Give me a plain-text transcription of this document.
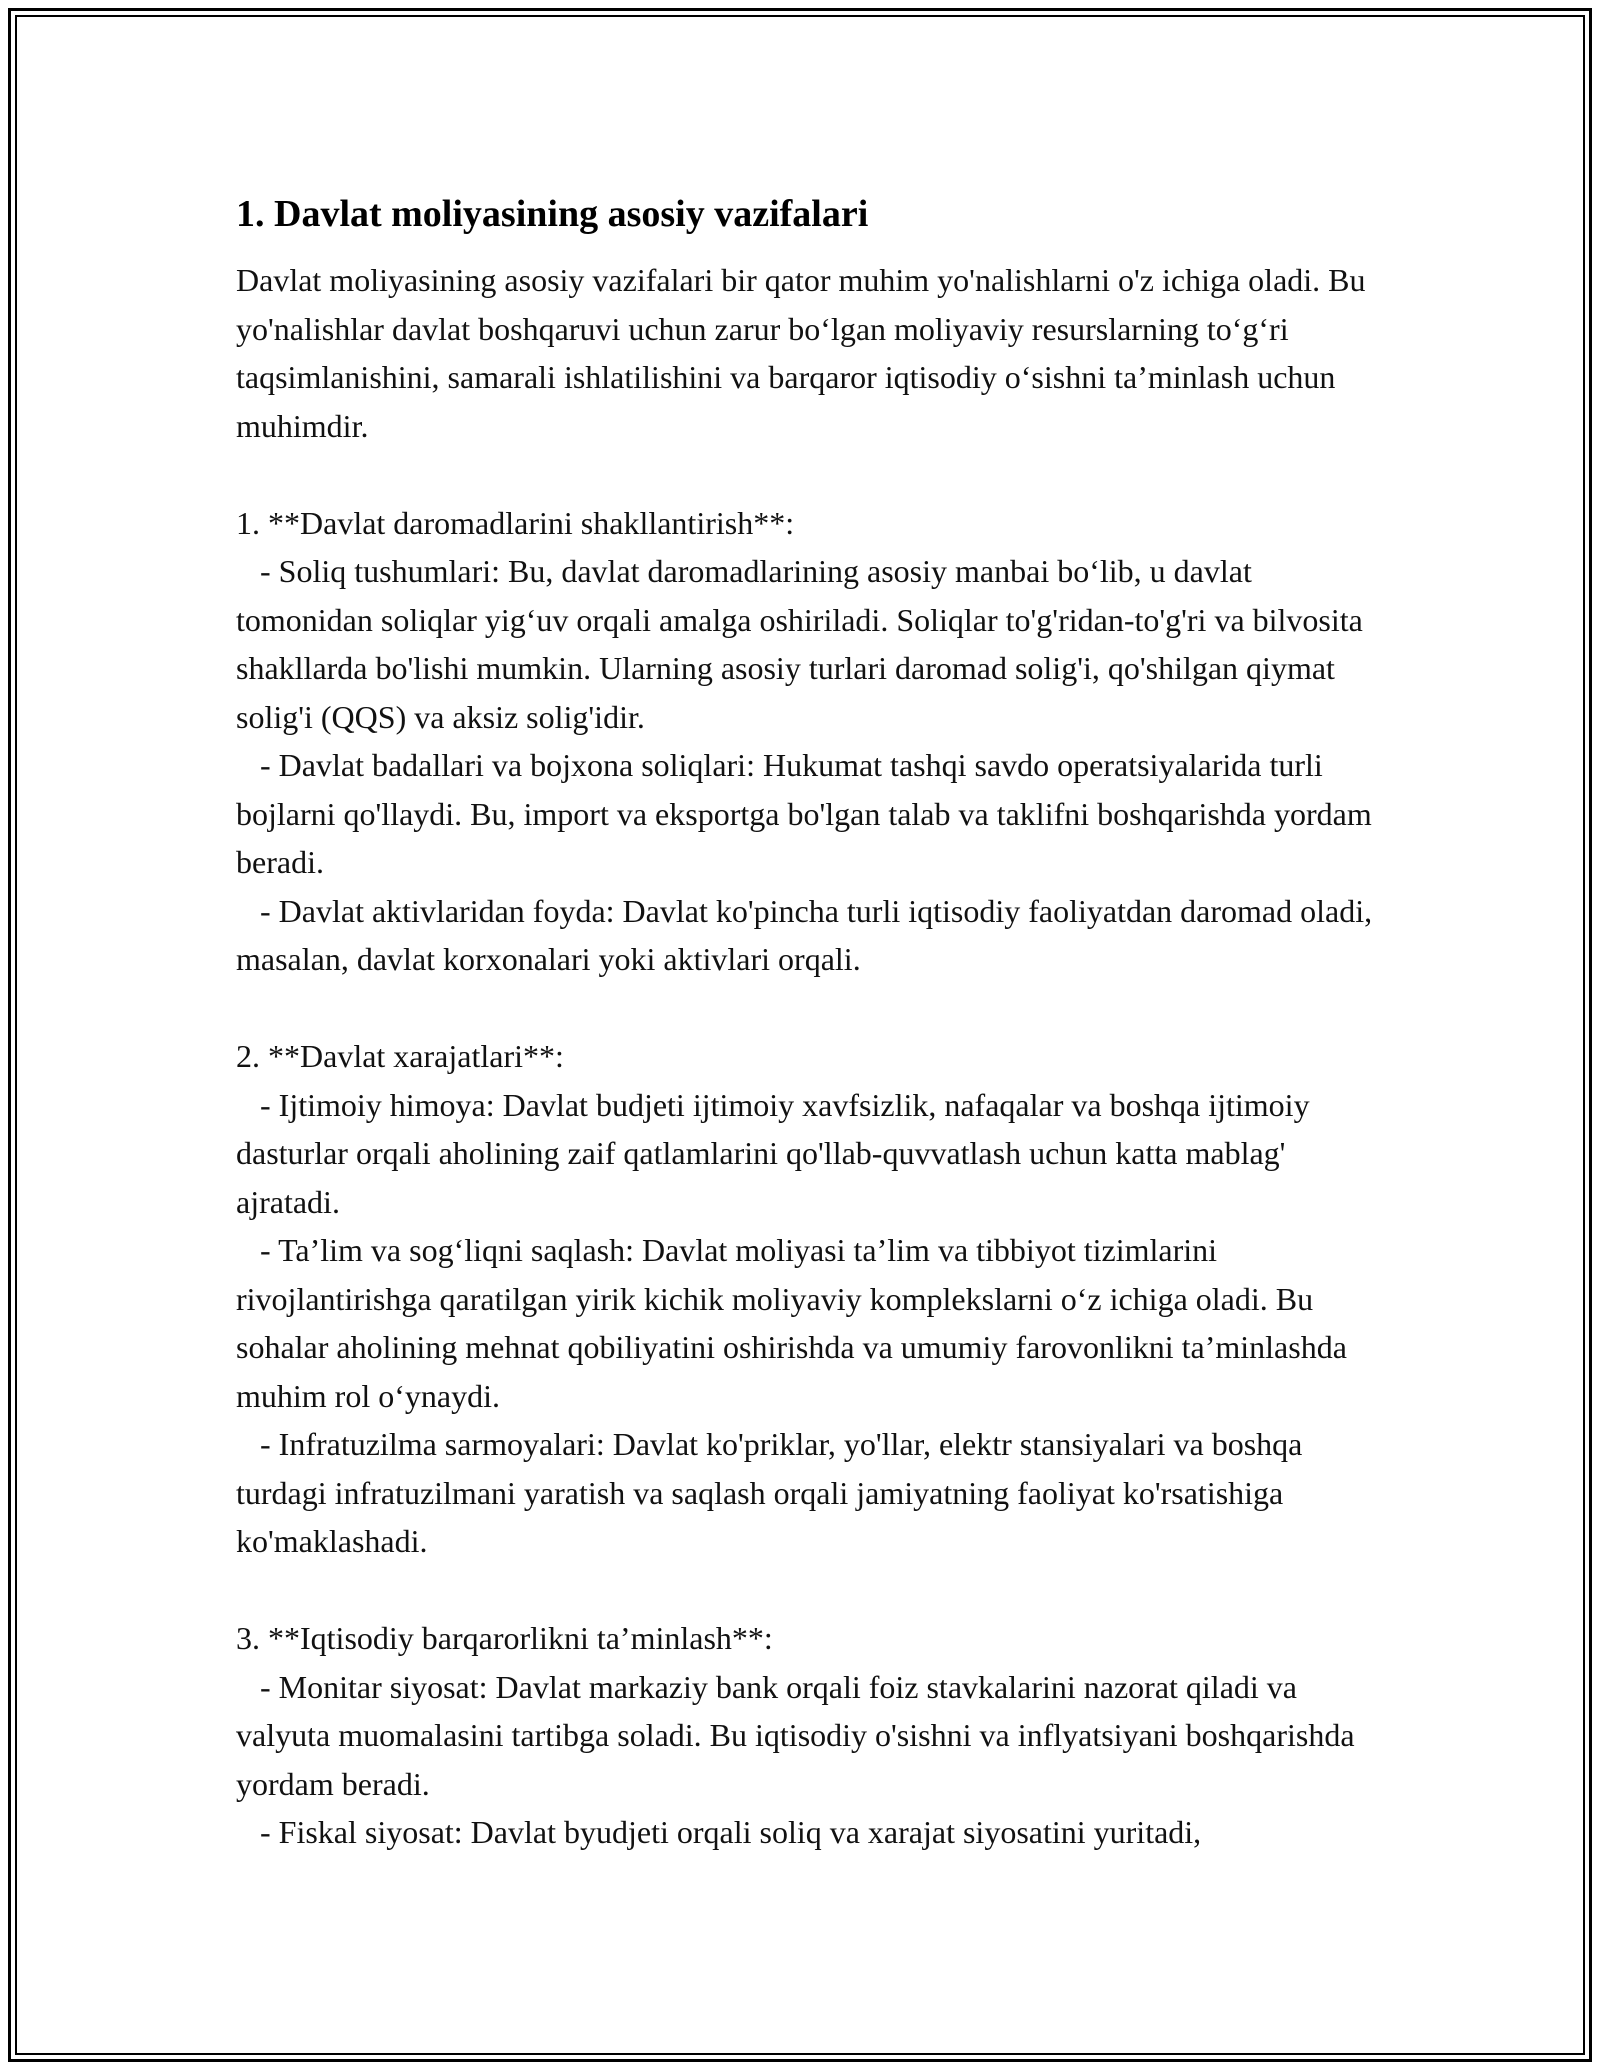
1. Davlat moliyasining asosiy vazifalari

Davlat moliyasining asosiy vazifalari bir qator muhim yo'nalishlarni o'z ichiga oladi. Bu yo'nalishlar davlat boshqaruvi uchun zarur bo‘lgan moliyaviy resurslarning to‘g‘ri taqsimlanishini, samarali ishlatilishini va barqaror iqtisodiy o‘sishni ta’minlash uchun muhimdir.

1. **Davlat daromadlarini shakllantirish**:

- Soliq tushumlari: Bu, davlat daromadlarining asosiy manbai bo‘lib, u davlat tomonidan soliqlar yig‘uv orqali amalga oshiriladi. Soliqlar to'g'ridan-to'g'ri va bilvosita shakllarda bo'lishi mumkin. Ularning asosiy turlari daromad solig'i, qo'shilgan qiymat solig'i (QQS) va aksiz solig'idir.

- Davlat badallari va bojxona soliqlari: Hukumat tashqi savdo operatsiyalarida turli bojlarni qo'llaydi. Bu, import va eksportga bo'lgan talab va taklifni boshqarishda yordam beradi.

- Davlat aktivlaridan foyda: Davlat ko'pincha turli iqtisodiy faoliyatdan daromad oladi, masalan, davlat korxonalari yoki aktivlari orqali.

2. **Davlat xarajatlari**:

- Ijtimoiy himoya: Davlat budjeti ijtimoiy xavfsizlik, nafaqalar va boshqa ijtimoiy dasturlar orqali aholining zaif qatlamlarini qo'llab-quvvatlash uchun katta mablag' ajratadi.

- Ta’lim va sog‘liqni saqlash: Davlat moliyasi ta’lim va tibbiyot tizimlarini rivojlantirishga qaratilgan yirik kichik moliyaviy komplekslarni o‘z ichiga oladi. Bu sohalar aholining mehnat qobiliyatini oshirishda va umumiy farovonlikni ta’minlashda muhim rol o‘ynaydi.

- Infratuzilma sarmoyalari: Davlat ko'priklar, yo'llar, elektr stansiyalari va boshqa turdagi infratuzilmani yaratish va saqlash orqali jamiyatning faoliyat ko'rsatishiga ko'maklashadi.

3. **Iqtisodiy barqarorlikni ta’minlash**:

- Monitar siyosat: Davlat markaziy bank orqali foiz stavkalarini nazorat qiladi va valyuta muomalasini tartibga soladi. Bu iqtisodiy o'sishni va inflyatsiyani boshqarishda yordam beradi.

- Fiskal siyosat: Davlat byudjeti orqali soliq va xarajat siyosatini yuritadi,
